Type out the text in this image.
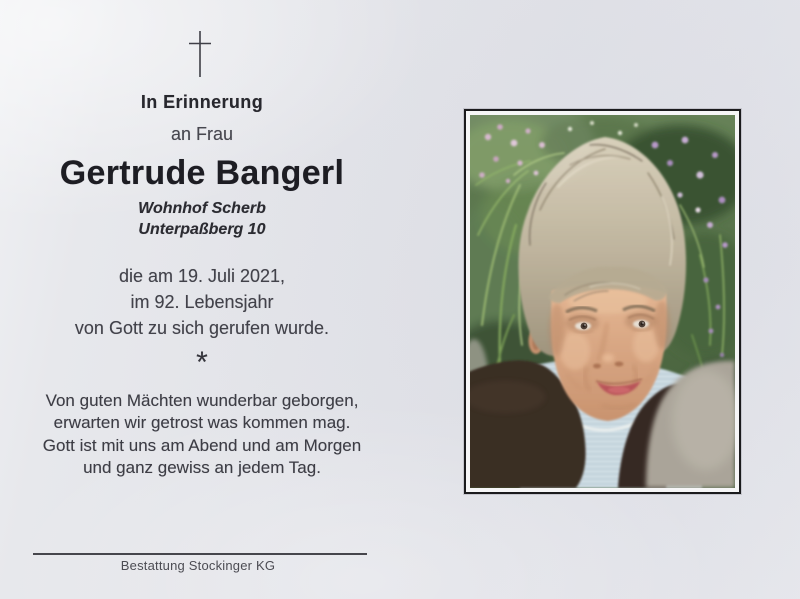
In Erinnerung
an Frau
Gertrude Bangerl
Wohnhof Scherb
Unterpaßberg 10
die am 19. Juli 2021,
im 92. Lebensjahr
von Gott zu sich gerufen wurde.
*
Von guten Mächten wunderbar geborgen,
erwarten wir getrost was kommen mag.
Gott ist mit uns am Abend und am Morgen
und ganz gewiss an jedem Tag.
Bestattung Stockinger KG
